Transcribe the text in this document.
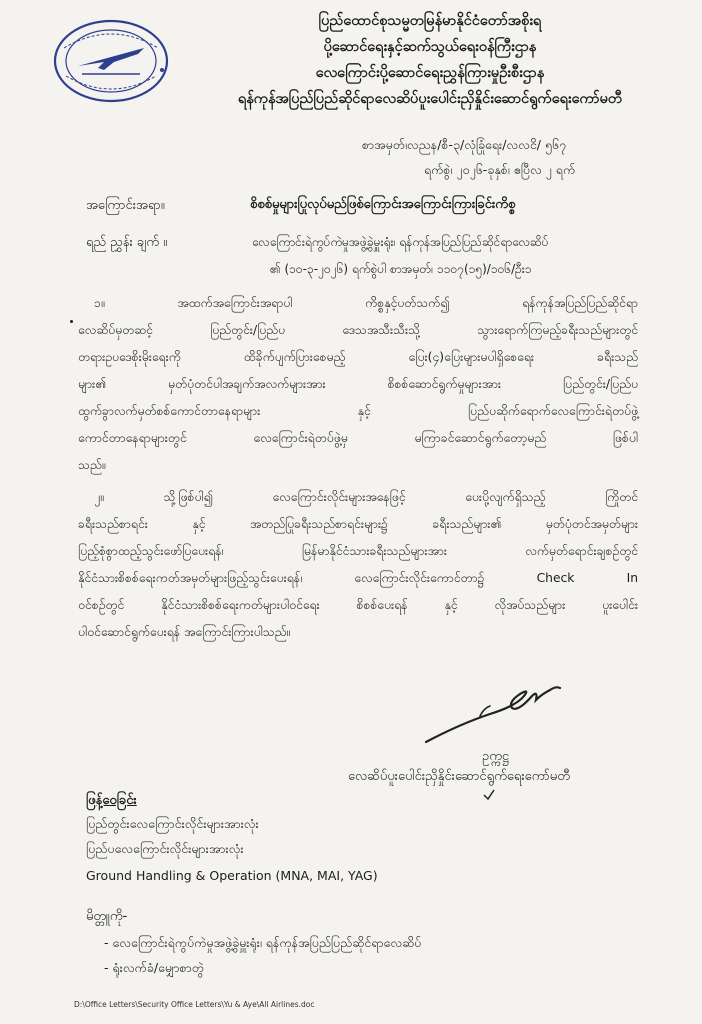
ပြည်ထောင်စုသမ္မတမြန်မာနိုင်ငံတော်အစိုးရ
ပို့ဆောင်ရေးနှင့်ဆက်သွယ်ရေးဝန်ကြီးဌာန
လေကြောင်းပို့ဆောင်ရေးညွှန်ကြားမှုဦးစီးဌာန
ရန်ကုန်အပြည်ပြည်ဆိုင်ရာလေဆိပ်ပူးပေါင်းညှိနှိုင်းဆောင်ရွက်ရေးကော်မတီ
စာအမှတ်၊လညန/စီ-၃/လုံခြုံရေး/လလငိ/ ၅၆၇
ရက်စွဲ၊ ၂၀၂၆-ခုနှစ်၊ ဧပြီလ ၂ ရက်
အကြောင်းအရာ။	စိစစ်မှုများပြုလုပ်မည်ဖြစ်ကြောင်းအကြောင်းကြားခြင်းကိစ္စ
ရည် ညွှန်း ချက် ။	လေကြောင်းရဲကွပ်ကဲမှုအဖွဲ့ခွဲမှူးရုံး၊ ရန်ကုန်အပြည်ပြည်ဆိုင်ရာလေဆိပ်
၏ (၁၀-၃-၂၀၂၆) ရက်စွဲပါ စာအမှတ်၊ ၁၁၀၇(၁၅)/၁၀၆/ဦး၁
၁။ အထက်အကြောင်းအရာပါ ကိစ္စနှင့်ပတ်သက်၍ ရန်ကုန်အပြည်ပြည်ဆိုင်ရာ
လေဆိပ်မှတဆင့် ပြည်တွင်း/ပြည်ပ ဒေသအသီးသီးသို့ သွားရောက်ကြမည့်ခရီးသည်များတွင်
တရားဥပဒေစိုးမိုးရေးကို ထိခိုက်ပျက်ပြားစေမည့် ပြေး(၄)ပြေးများမပါရှိစေရေး ခရီးသည်
များ၏ မှတ်ပုံတင်ပါအချက်အလက်များအား စိစစ်ဆောင်ရွက်မှုများအား ပြည်တွင်း/ပြည်ပ
ထွက်ခွာလက်မှတ်စစ်ကောင်တာနေရာများ နှင့် ပြည်ပဆိုက်ရောက်လေကြောင်းရဲတပ်ဖွဲ့
ကောင်တာနေရာများတွင် လေကြောင်းရဲတပ်ဖွဲ့မှ မကြာခင်ဆောင်ရွက်တော့မည် ဖြစ်ပါ
သည်။
၂။ သို့ဖြစ်ပါ၍ လေကြောင်းလိုင်းများအနေဖြင့် ပေးပို့လျက်ရှိသည့် ကြိုတင်
ခရီးသည်စာရင်း နှင့် အတည်ပြုခရီးသည်စာရင်းများ၌ ခရီးသည်များ၏ မှတ်ပုံတင်အမှတ်များ
ပြည့်စုံစွာထည့်သွင်းဖော်ပြပေးရန်၊ မြန်မာနိုင်ငံသားခရီးသည်များအား လက်မှတ်ရောင်းချစဉ်တွင်
နိုင်ငံသားစိစစ်ရေးကတ်အမှတ်များဖြည့်သွင်းပေးရန်၊ လေကြောင်းလိုင်းကောင်တာ၌ Check In
ဝင်စဉ်တွင် နိုင်ငံသားစိစစ်ရေးကတ်များပါဝင်ရေး စိစစ်ပေးရန် နှင့် လိုအပ်သည်များ ပူးပေါင်း
ပါဝင်ဆောင်ရွက်ပေးရန် အကြောင်းကြားပါသည်။
ဥက္ကဋ္ဌ
လေဆိပ်ပူးပေါင်းညှိနှိုင်းဆောင်ရွက်ရေးကော်မတီ
ဖြန့်ဝေခြင်း
ပြည်တွင်းလေကြောင်းလိုင်းများအားလုံး
ပြည်ပလေကြောင်းလိုင်းများအားလုံး
Ground Handling & Operation (MNA, MAI, YAG)
မိတ္တူကို-
- လေကြောင်းရဲကွပ်ကဲမှုအဖွဲ့ခွဲမှူးရုံး၊ ရန်ကုန်အပြည်ပြည်ဆိုင်ရာလေဆိပ်
- ရုံးလက်ခံ/မျှောစာတွဲ
D:\Office Letters\Security Office Letters\Yu & Aye\All Airlines.doc
